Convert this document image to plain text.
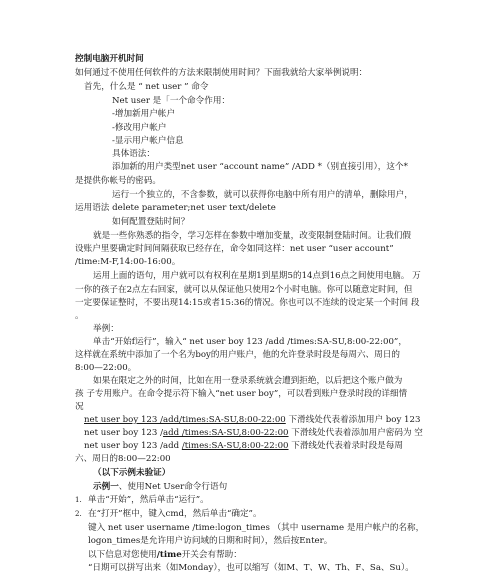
控制电脑开机时间
如何通过不使用任何软件的方法来限制使用时间？下面我就给大家举例说明：
首先，什么是 “ net user ” 命令
Net user 是「一个命令作用：
-增加新用户帐户
-修改用户帐户
-显示用户帐户信息
具体语法：
添加新的用户类型net user “account name” /ADD *（别直接引用），这个*
是提供你帐号的密码。
运行一个独立的，不含参数，就可以获得你电脑中所有用户的清单，删除用户，
运用语法 delete parameter;net user text/delete
如何配置登陆时间？
就是一些你熟悉的指令，学习怎样在参数中增加变量，改变限制登陆时间。让我们假
设账户里要确定时间间隔获取已经存在，命令如同这样：net user “user account”
/time:M-F,14:00-16:00。
运用上面的语句，用户就可以有权利在星期1到星期5的14点到16点之间使用电脑。 万
一你的孩子在2点左右回家，就可以从保证他只使用2个小时电脑。你可以随意定时间，但
一定要保证整时，不要出现14:15或者15:36的情况。你也可以不连续的设定某一个时间 段
。
举例：
单击“开始f运行”，输入“ net user boy 123 /add /times:SA-SU,8:00-22:00”，
这样就在系统中添加了一个名为boy的用户账户，他的允许登录时段是每周六、周日的
8:00—22:00。
如果在限定之外的时间，比如在用一登录系统就会遭到拒绝，以后把这个账户做为
孩 子专用账户。在命令提示符下输入“net user boy”，可以看到账户登录时段的详细情
况
net user boy 123 /add/times:SA-SU,8:00-22:00 下滑线处代表着添加用户 boy 123
net user boy 123 /add /times:SA-SU,8:00-22:00 下滑线处代表着添加用户密码为 空
net user boy 123 /add /times:SA-SU,8:00-22:00 下滑线处代表着录时段是每周
六、周日的8:00—22:00
（以下示例未验证）
示例一、使用Net User命令行语句
1. 单击“开始”，然后单击“运行”。
2. 在“打开”框中，键入cmd，然后单击“确定”。
键入 net user username /time:logon_times （其中 username 是用户帐户的名称，
logon_times是允许用户访问域的日期和时间），然后按Enter。
以下信息对您使用/time开关会有帮助：
“日期可以拼写出来（如Monday），也可以缩写（如M、T、W、Th、F、Sa、Su）。
